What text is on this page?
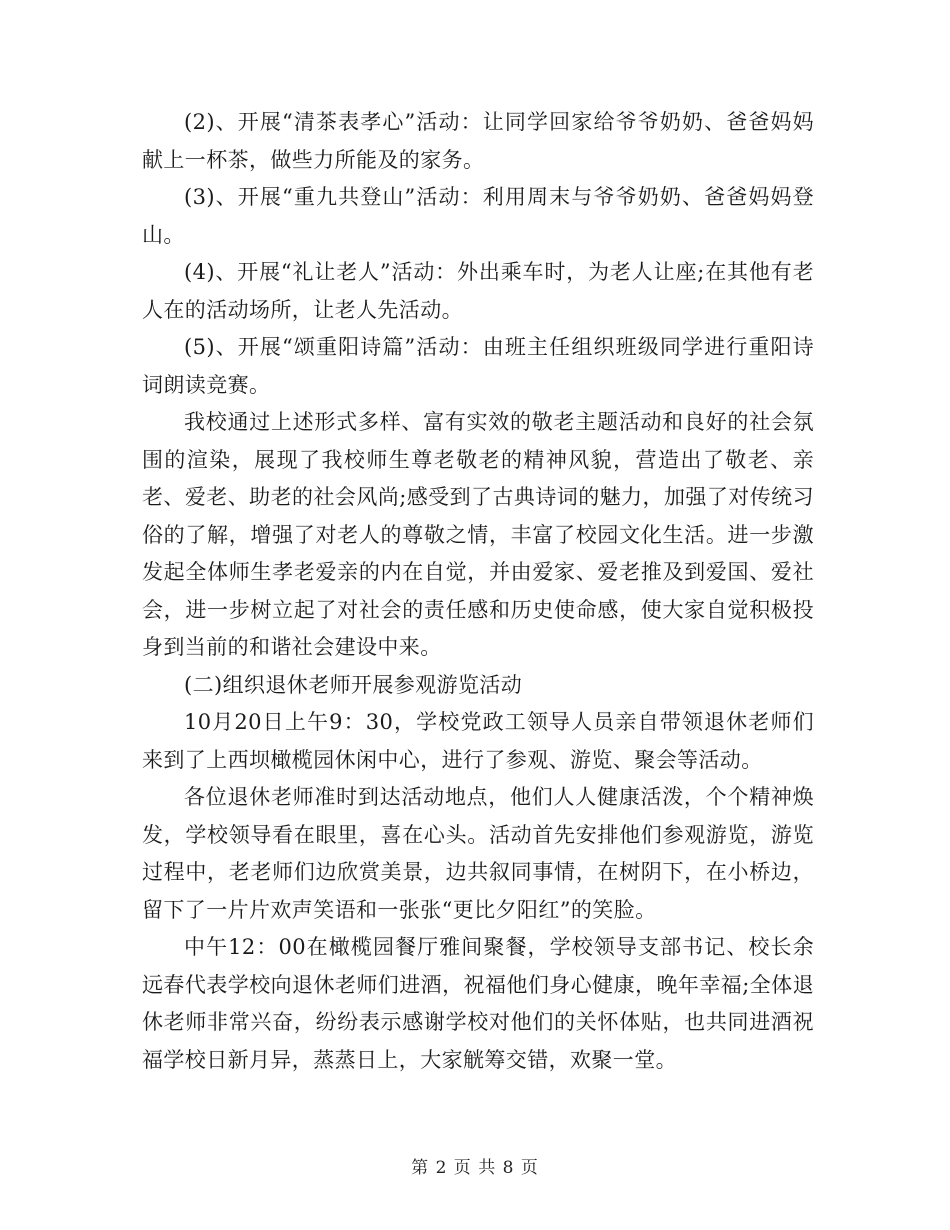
(2)、开展“清茶表孝心”活动：让同学回家给爷爷奶奶、爸爸妈妈献上一杯茶，做些力所能及的家务。

(3)、开展“重九共登山”活动：利用周末与爷爷奶奶、爸爸妈妈登山。

(4)、开展“礼让老人”活动：外出乘车时，为老人让座;在其他有老人在的活动场所，让老人先活动。

(5)、开展“颂重阳诗篇”活动：由班主任组织班级同学进行重阳诗词朗读竞赛。

我校通过上述形式多样、富有实效的敬老主题活动和良好的社会氛围的渲染，展现了我校师生尊老敬老的精神风貌，营造出了敬老、亲老、爱老、助老的社会风尚;感受到了古典诗词的魅力，加强了对传统习俗的了解，增强了对老人的尊敬之情，丰富了校园文化生活。进一步激发起全体师生孝老爱亲的内在自觉，并由爱家、爱老推及到爱国、爱社会，进一步树立起了对社会的责任感和历史使命感，使大家自觉积极投身到当前的和谐社会建设中来。

(二)组织退休老师开展参观游览活动

10月20日上午9：30，学校党政工领导人员亲自带领退休老师们来到了上西坝橄榄园休闲中心，进行了参观、游览、聚会等活动。

各位退休老师准时到达活动地点，他们人人健康活泼，个个精神焕发，学校领导看在眼里，喜在心头。活动首先安排他们参观游览，游览过程中，老老师们边欣赏美景，边共叙同事情，在树阴下，在小桥边，留下了一片片欢声笑语和一张张“更比夕阳红”的笑脸。

中午12：00在橄榄园餐厅雅间聚餐，学校领导支部书记、校长余远春代表学校向退休老师们进酒，祝福他们身心健康，晚年幸福;全体退休老师非常兴奋，纷纷表示感谢学校对他们的关怀体贴，也共同进酒祝福学校日新月异，蒸蒸日上，大家觥筹交错，欢聚一堂。

第 2 页 共 8 页
